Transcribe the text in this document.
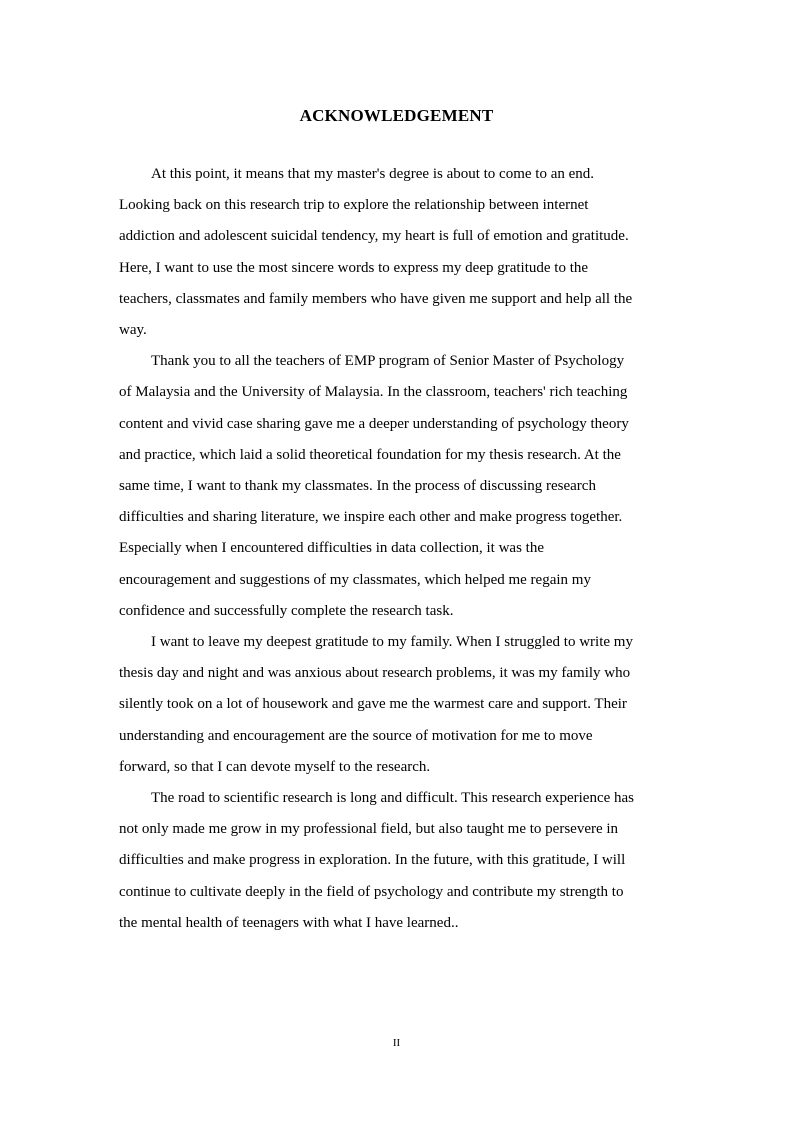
ACKNOWLEDGEMENT

At this point, it means that my master's degree is about to come to an end.
Looking back on this research trip to explore the relationship between internet
addiction and adolescent suicidal tendency, my heart is full of emotion and gratitude.
Here, I want to use the most sincere words to express my deep gratitude to the
teachers, classmates and family members who have given me support and help all the
way.

Thank you to all the teachers of EMP program of Senior Master of Psychology
of Malaysia and the University of Malaysia. In the classroom, teachers' rich teaching
content and vivid case sharing gave me a deeper understanding of psychology theory
and practice, which laid a solid theoretical foundation for my thesis research. At the
same time, I want to thank my classmates. In the process of discussing research
difficulties and sharing literature, we inspire each other and make progress together.
Especially when I encountered difficulties in data collection, it was the
encouragement and suggestions of my classmates, which helped me regain my
confidence and successfully complete the research task.

I want to leave my deepest gratitude to my family. When I struggled to write my
thesis day and night and was anxious about research problems, it was my family who
silently took on a lot of housework and gave me the warmest care and support. Their
understanding and encouragement are the source of motivation for me to move
forward, so that I can devote myself to the research.

The road to scientific research is long and difficult. This research experience has
not only made me grow in my professional field, but also taught me to persevere in
difficulties and make progress in exploration. In the future, with this gratitude, I will
continue to cultivate deeply in the field of psychology and contribute my strength to
the mental health of teenagers with what I have learned..

II
